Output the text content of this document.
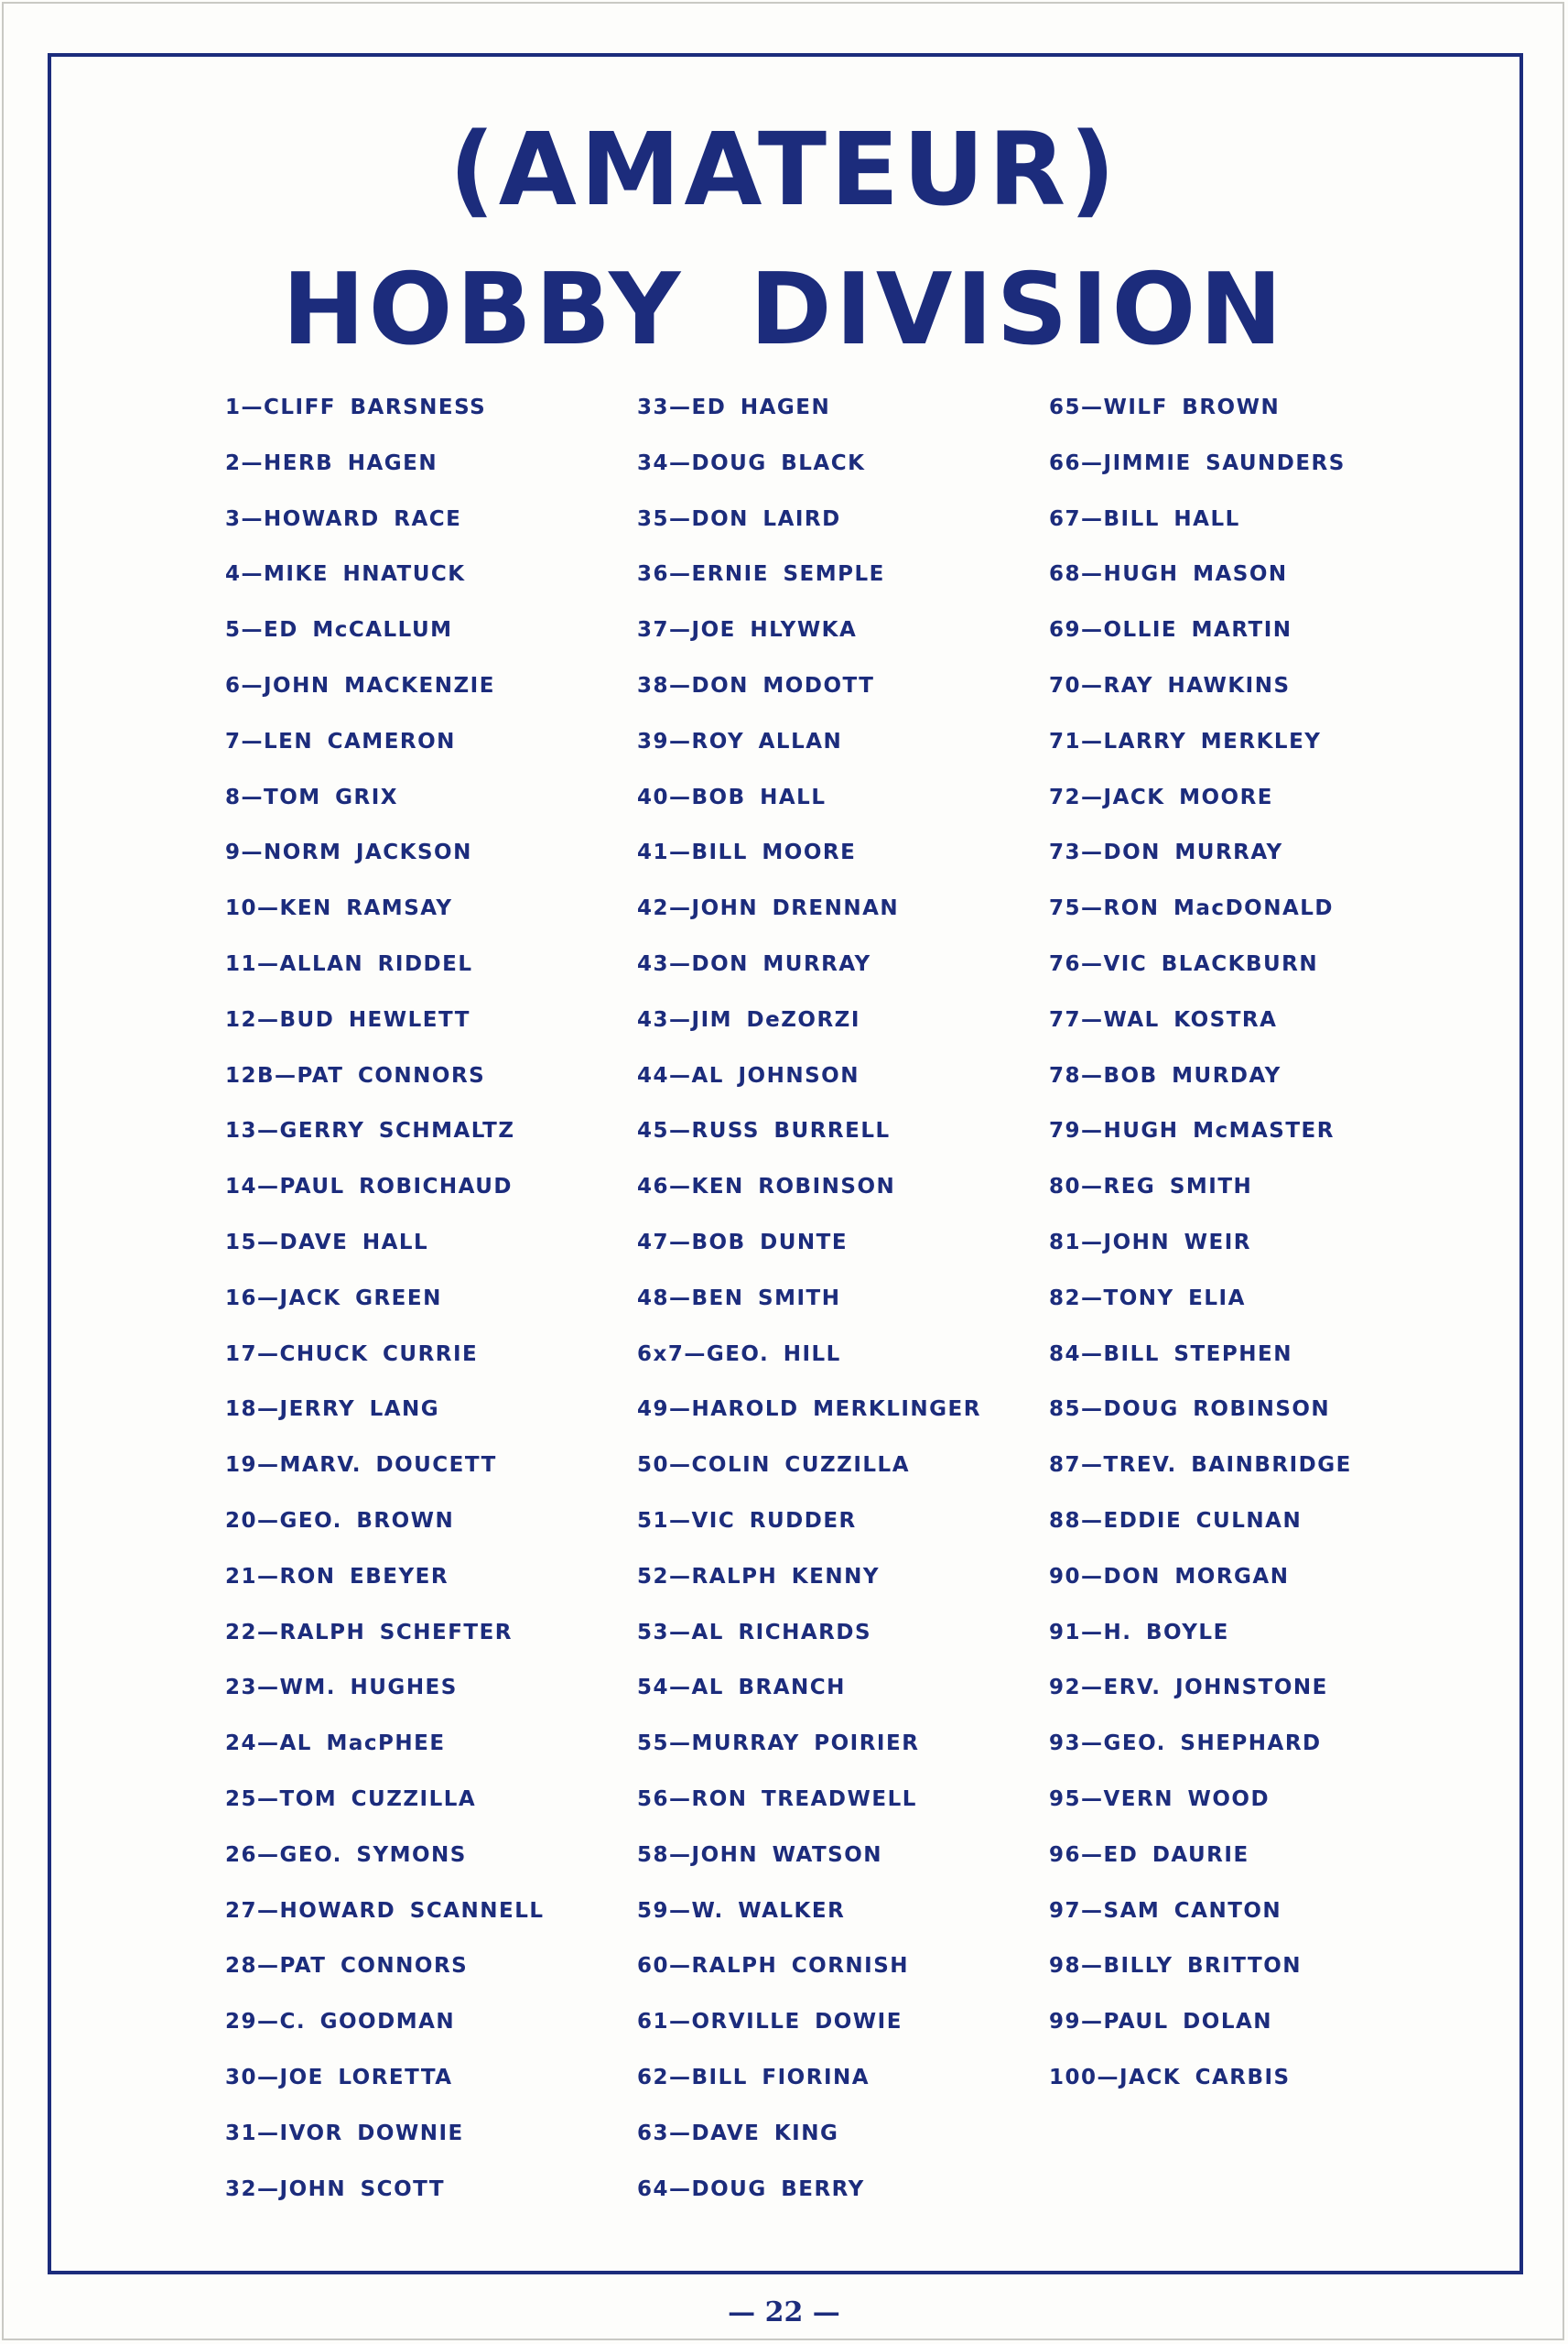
(AMATEUR)
HOBBY DIVISION
1—CLIFF BARSNESS
2—HERB HAGEN
3—HOWARD RACE
4—MIKE HNATUCK
5—ED McCALLUM
6—JOHN MACKENZIE
7—LEN CAMERON
8—TOM GRIX
9—NORM JACKSON
10—KEN RAMSAY
11—ALLAN RIDDEL
12—BUD HEWLETT
12B—PAT CONNORS
13—GERRY SCHMALTZ
14—PAUL ROBICHAUD
15—DAVE HALL
16—JACK GREEN
17—CHUCK CURRIE
18—JERRY LANG
19—MARV. DOUCETT
20—GEO. BROWN
21—RON EBEYER
22—RALPH SCHEFTER
23—WM. HUGHES
24—AL MacPHEE
25—TOM CUZZILLA
26—GEO. SYMONS
27—HOWARD SCANNELL
28—PAT CONNORS
29—C. GOODMAN
30—JOE LORETTA
31—IVOR DOWNIE
32—JOHN SCOTT
33—ED HAGEN
34—DOUG BLACK
35—DON LAIRD
36—ERNIE SEMPLE
37—JOE HLYWKA
38—DON MODOTT
39—ROY ALLAN
40—BOB HALL
41—BILL MOORE
42—JOHN DRENNAN
43—DON MURRAY
43—JIM DeZORZI
44—AL JOHNSON
45—RUSS BURRELL
46—KEN ROBINSON
47—BOB DUNTE
48—BEN SMITH
6x7—GEO. HILL
49—HAROLD MERKLINGER
50—COLIN CUZZILLA
51—VIC RUDDER
52—RALPH KENNY
53—AL RICHARDS
54—AL BRANCH
55—MURRAY POIRIER
56—RON TREADWELL
58—JOHN WATSON
59—W. WALKER
60—RALPH CORNISH
61—ORVILLE DOWIE
62—BILL FIORINA
63—DAVE KING
64—DOUG BERRY
65—WILF BROWN
66—JIMMIE SAUNDERS
67—BILL HALL
68—HUGH MASON
69—OLLIE MARTIN
70—RAY HAWKINS
71—LARRY MERKLEY
72—JACK MOORE
73—DON MURRAY
75—RON MacDONALD
76—VIC BLACKBURN
77—WAL KOSTRA
78—BOB MURDAY
79—HUGH McMASTER
80—REG SMITH
81—JOHN WEIR
82—TONY ELIA
84—BILL STEPHEN
85—DOUG ROBINSON
87—TREV. BAINBRIDGE
88—EDDIE CULNAN
90—DON MORGAN
91—H. BOYLE
92—ERV. JOHNSTONE
93—GEO. SHEPHARD
95—VERN WOOD
96—ED DAURIE
97—SAM CANTON
98—BILLY BRITTON
99—PAUL DOLAN
100—JACK CARBIS
— 22 —
